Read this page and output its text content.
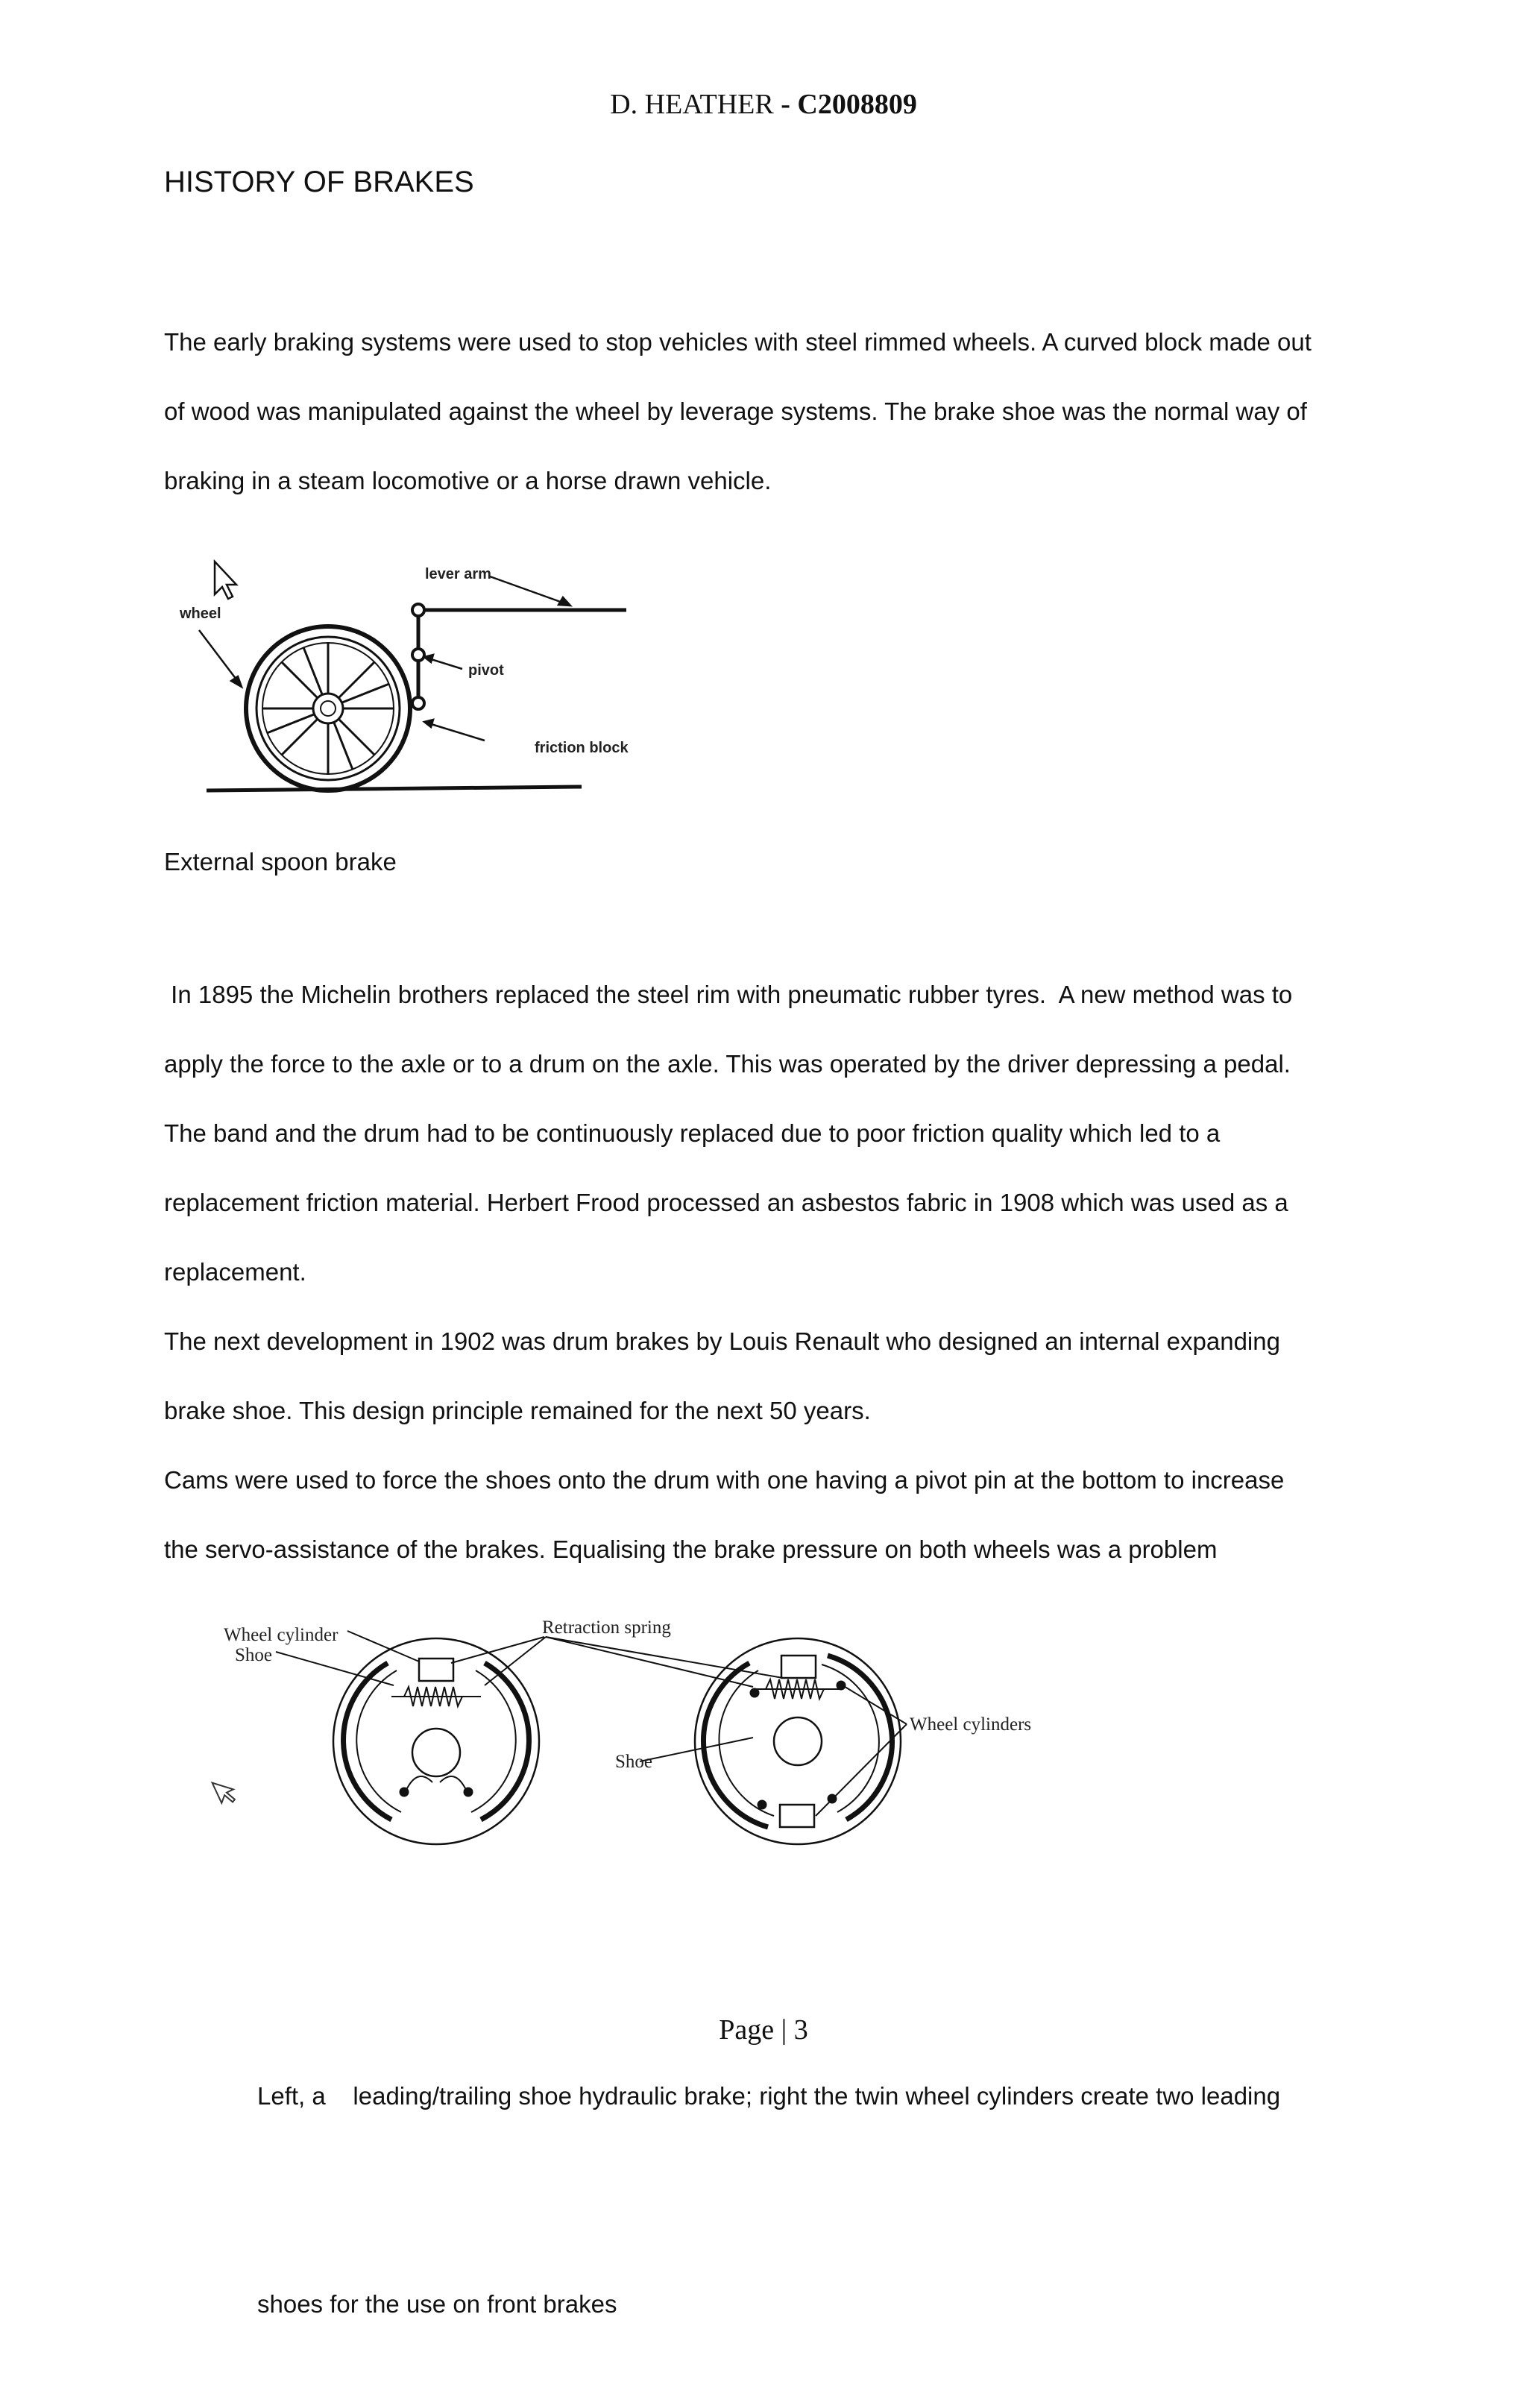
D. HEATHER - C2008809
HISTORY OF BRAKES
The early braking systems were used to stop vehicles with steel rimmed wheels. A curved block made out
of wood was manipulated against the wheel by leverage systems. The brake shoe was the normal way of
braking in a steam locomotive or a horse drawn vehicle.
lever arm
wheel
pivot
friction block
External spoon brake
In 1895 the Michelin brothers replaced the steel rim with pneumatic rubber tyres.  A new method was to
apply the force to the axle or to a drum on the axle. This was operated by the driver depressing a pedal.
The band and the drum had to be continuously replaced due to poor friction quality which led to a
replacement friction material. Herbert Frood processed an asbestos fabric in 1908 which was used as a
replacement.
The next development in 1902 was drum brakes by Louis Renault who designed an internal expanding
brake shoe. This design principle remained for the next 50 years.
Cams were used to force the shoes onto the drum with one having a pivot pin at the bottom to increase
the servo-assistance of the brakes. Equalising the brake pressure on both wheels was a problem
Wheel cylinder
Shoe
Retraction spring
Wheel cylinders
Shoe

Left, a    leading/trailing shoe hydraulic brake; right the twin wheel cylinders create two leading

shoes for the use on front brakes

Page | 3
